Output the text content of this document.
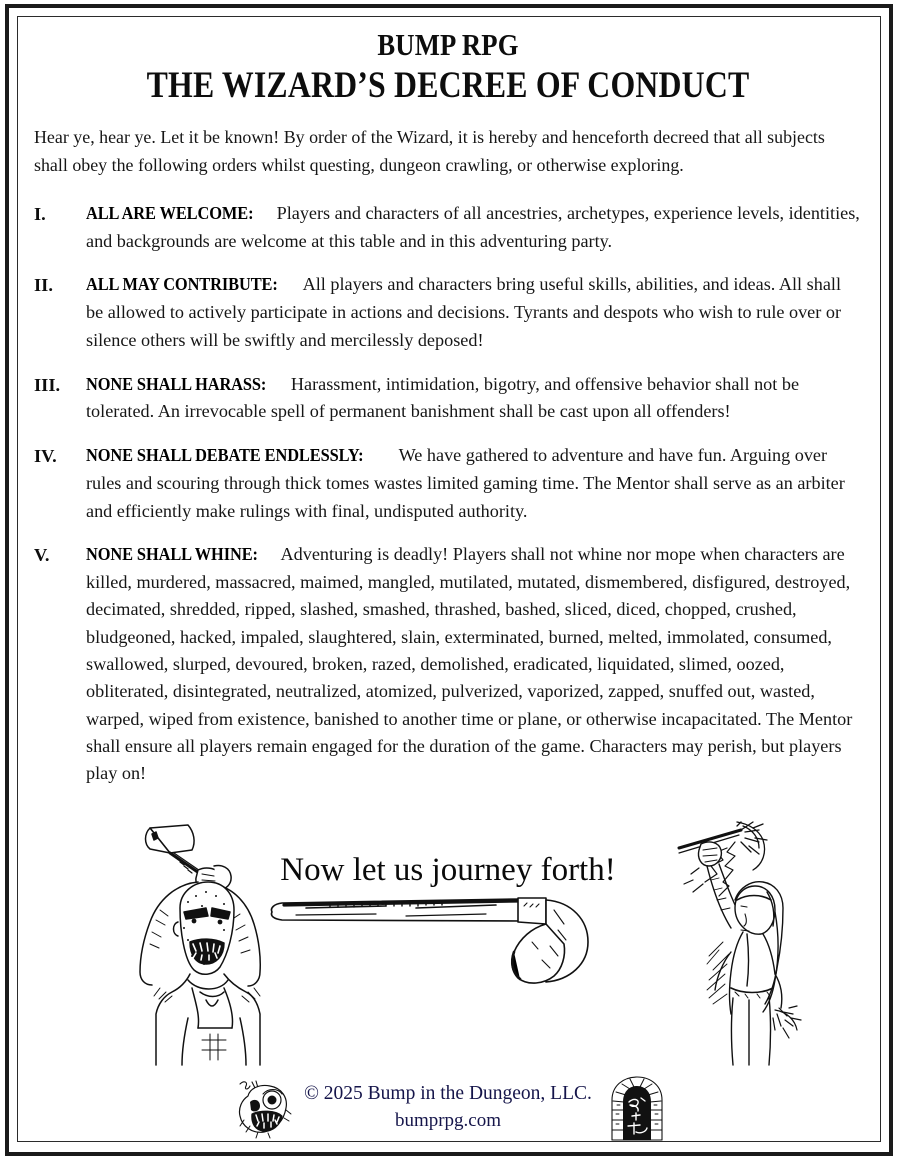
BUMP RPG
THE WIZARD’S DECREE OF CONDUCT
Hear ye, hear ye. Let it be known! By order of the Wizard, it is hereby and henceforth decreed that all subjects shall obey the following orders whilst questing, dungeon crawling, or otherwise exploring.
I.	ALL ARE WELCOME: Players and characters of all ancestries, archetypes, experience levels, identities, and backgrounds are welcome at this table and in this adventuring party.
II.	ALL MAY CONTRIBUTE: All players and characters bring useful skills, abilities, and ideas. All shall be allowed to actively participate in actions and decisions. Tyrants and despots who wish to rule over or silence others will be swiftly and mercilessly deposed!
III.	NONE SHALL HARASS: Harassment, intimidation, bigotry, and offensive behavior shall not be tolerated. An irrevocable spell of permanent banishment shall be cast upon all offenders!
IV.	NONE SHALL DEBATE ENDLESSLY: We have gathered to adventure and have fun. Arguing over rules and scouring through thick tomes wastes limited gaming time. The Mentor shall serve as an arbiter and efficiently make rulings with final, undisputed authority.
V.	NONE SHALL WHINE: Adventuring is deadly! Players shall not whine nor mope when characters are killed, murdered, massacred, maimed, mangled, mutilated, mutated, dismembered, disfigured, destroyed, decimated, shredded, ripped, slashed, smashed, thrashed, bashed, sliced, diced, chopped, crushed, bludgeoned, hacked, impaled, slaughtered, slain, exterminated, burned, melted, immolated, consumed, swallowed, slurped, devoured, broken, razed, demolished, eradicated, liquidated, slimed, oozed, obliterated, disintegrated, neutralized, atomized, pulverized, vaporized, zapped, snuffed out, wasted, warped, wiped from existence, banished to another time or plane, or otherwise incapacitated. The Mentor shall ensure all players remain engaged for the duration of the game. Characters may perish, but players play on!
Now let us journey forth!
© 2025 Bump in the Dungeon, LLC.
bumprpg.com
